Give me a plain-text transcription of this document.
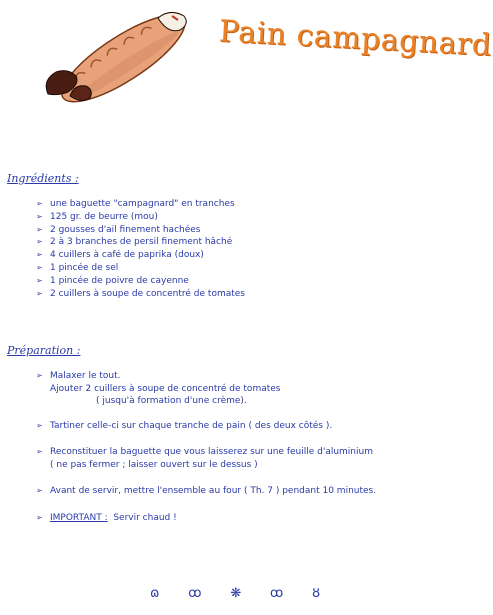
Pain campagnard
Ingrédients :
➢ une baguette "campagnard" en tranches
➢ 125 gr. de beurre (mou)
➢ 2 gousses d'ail finement hachées
➢ 2 à 3 branches de persil finement hâché
➢ 4 cuillers à café de paprika (doux)
➢ 1 pincée de sel
➢ 1 pincée de poivre de cayenne
➢ 2 cuillers à soupe de concentré de tomates
Préparation :
➢ Malaxer le tout.
Ajouter 2 cuillers à soupe de concentré de tomates
( jusqu'à formation d'une crème).
➢ Tartiner celle-ci sur chaque tranche de pain ( des deux côtés ).
➢ Reconstituer la baguette que vous laisserez sur une feuille d'aluminium
( ne pas fermer ; laisser ouvert sur le dessus )
➢ Avant de servir, mettre l'ensemble au four ( Th. 7 ) pendant 10 minutes.
➢ IMPORTANT : Servir chaud !
ɷ ꝏ ❋ ꝏ ȣ
